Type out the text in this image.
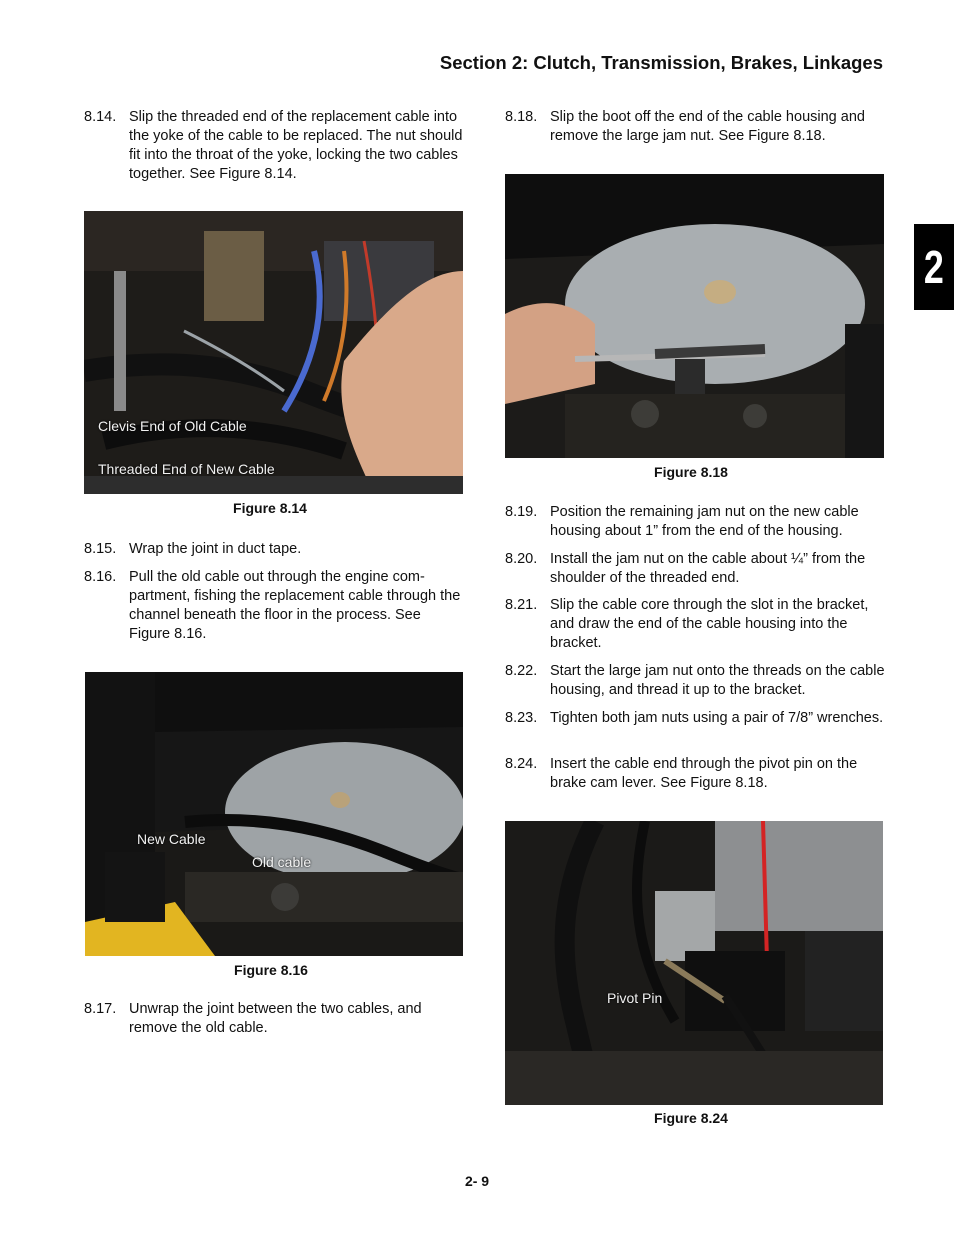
Section 2: Clutch, Transmission, Brakes, Linkages
2
8.14. Slip the threaded end of the replacement cable into the yoke of the cable to be replaced. The nut should fit into the throat of the yoke, locking the two cables together. See Figure 8.14.
Clevis End of Old Cable
Threaded End of New Cable
Figure 8.14
8.15. Wrap the joint in duct tape.
8.16. Pull the old cable out through the engine com-partment, fishing the replacement cable through the channel beneath the floor in the process. See Figure 8.16.
New Cable
Old cable
Figure 8.16
8.17. Unwrap the joint between the two cables, and remove the old cable.
8.18. Slip the boot off the end of the cable housing and remove the large jam nut. See Figure 8.18.
Figure 8.18
8.19. Position the remaining jam nut on the new cable housing about 1” from the end of the housing.
8.20. Install the jam nut on the cable about ¼” from the shoulder of the threaded end.
8.21. Slip the cable core through the slot in the bracket, and draw the end of the cable housing into the bracket.
8.22. Start the large jam nut onto the threads on the cable housing, and thread it up to the bracket.
8.23. Tighten both jam nuts using a pair of 7/8” wrenches.
8.24. Insert the cable end through the pivot pin on the brake cam lever. See Figure 8.18.
Pivot Pin
Figure 8.24
2- 9
